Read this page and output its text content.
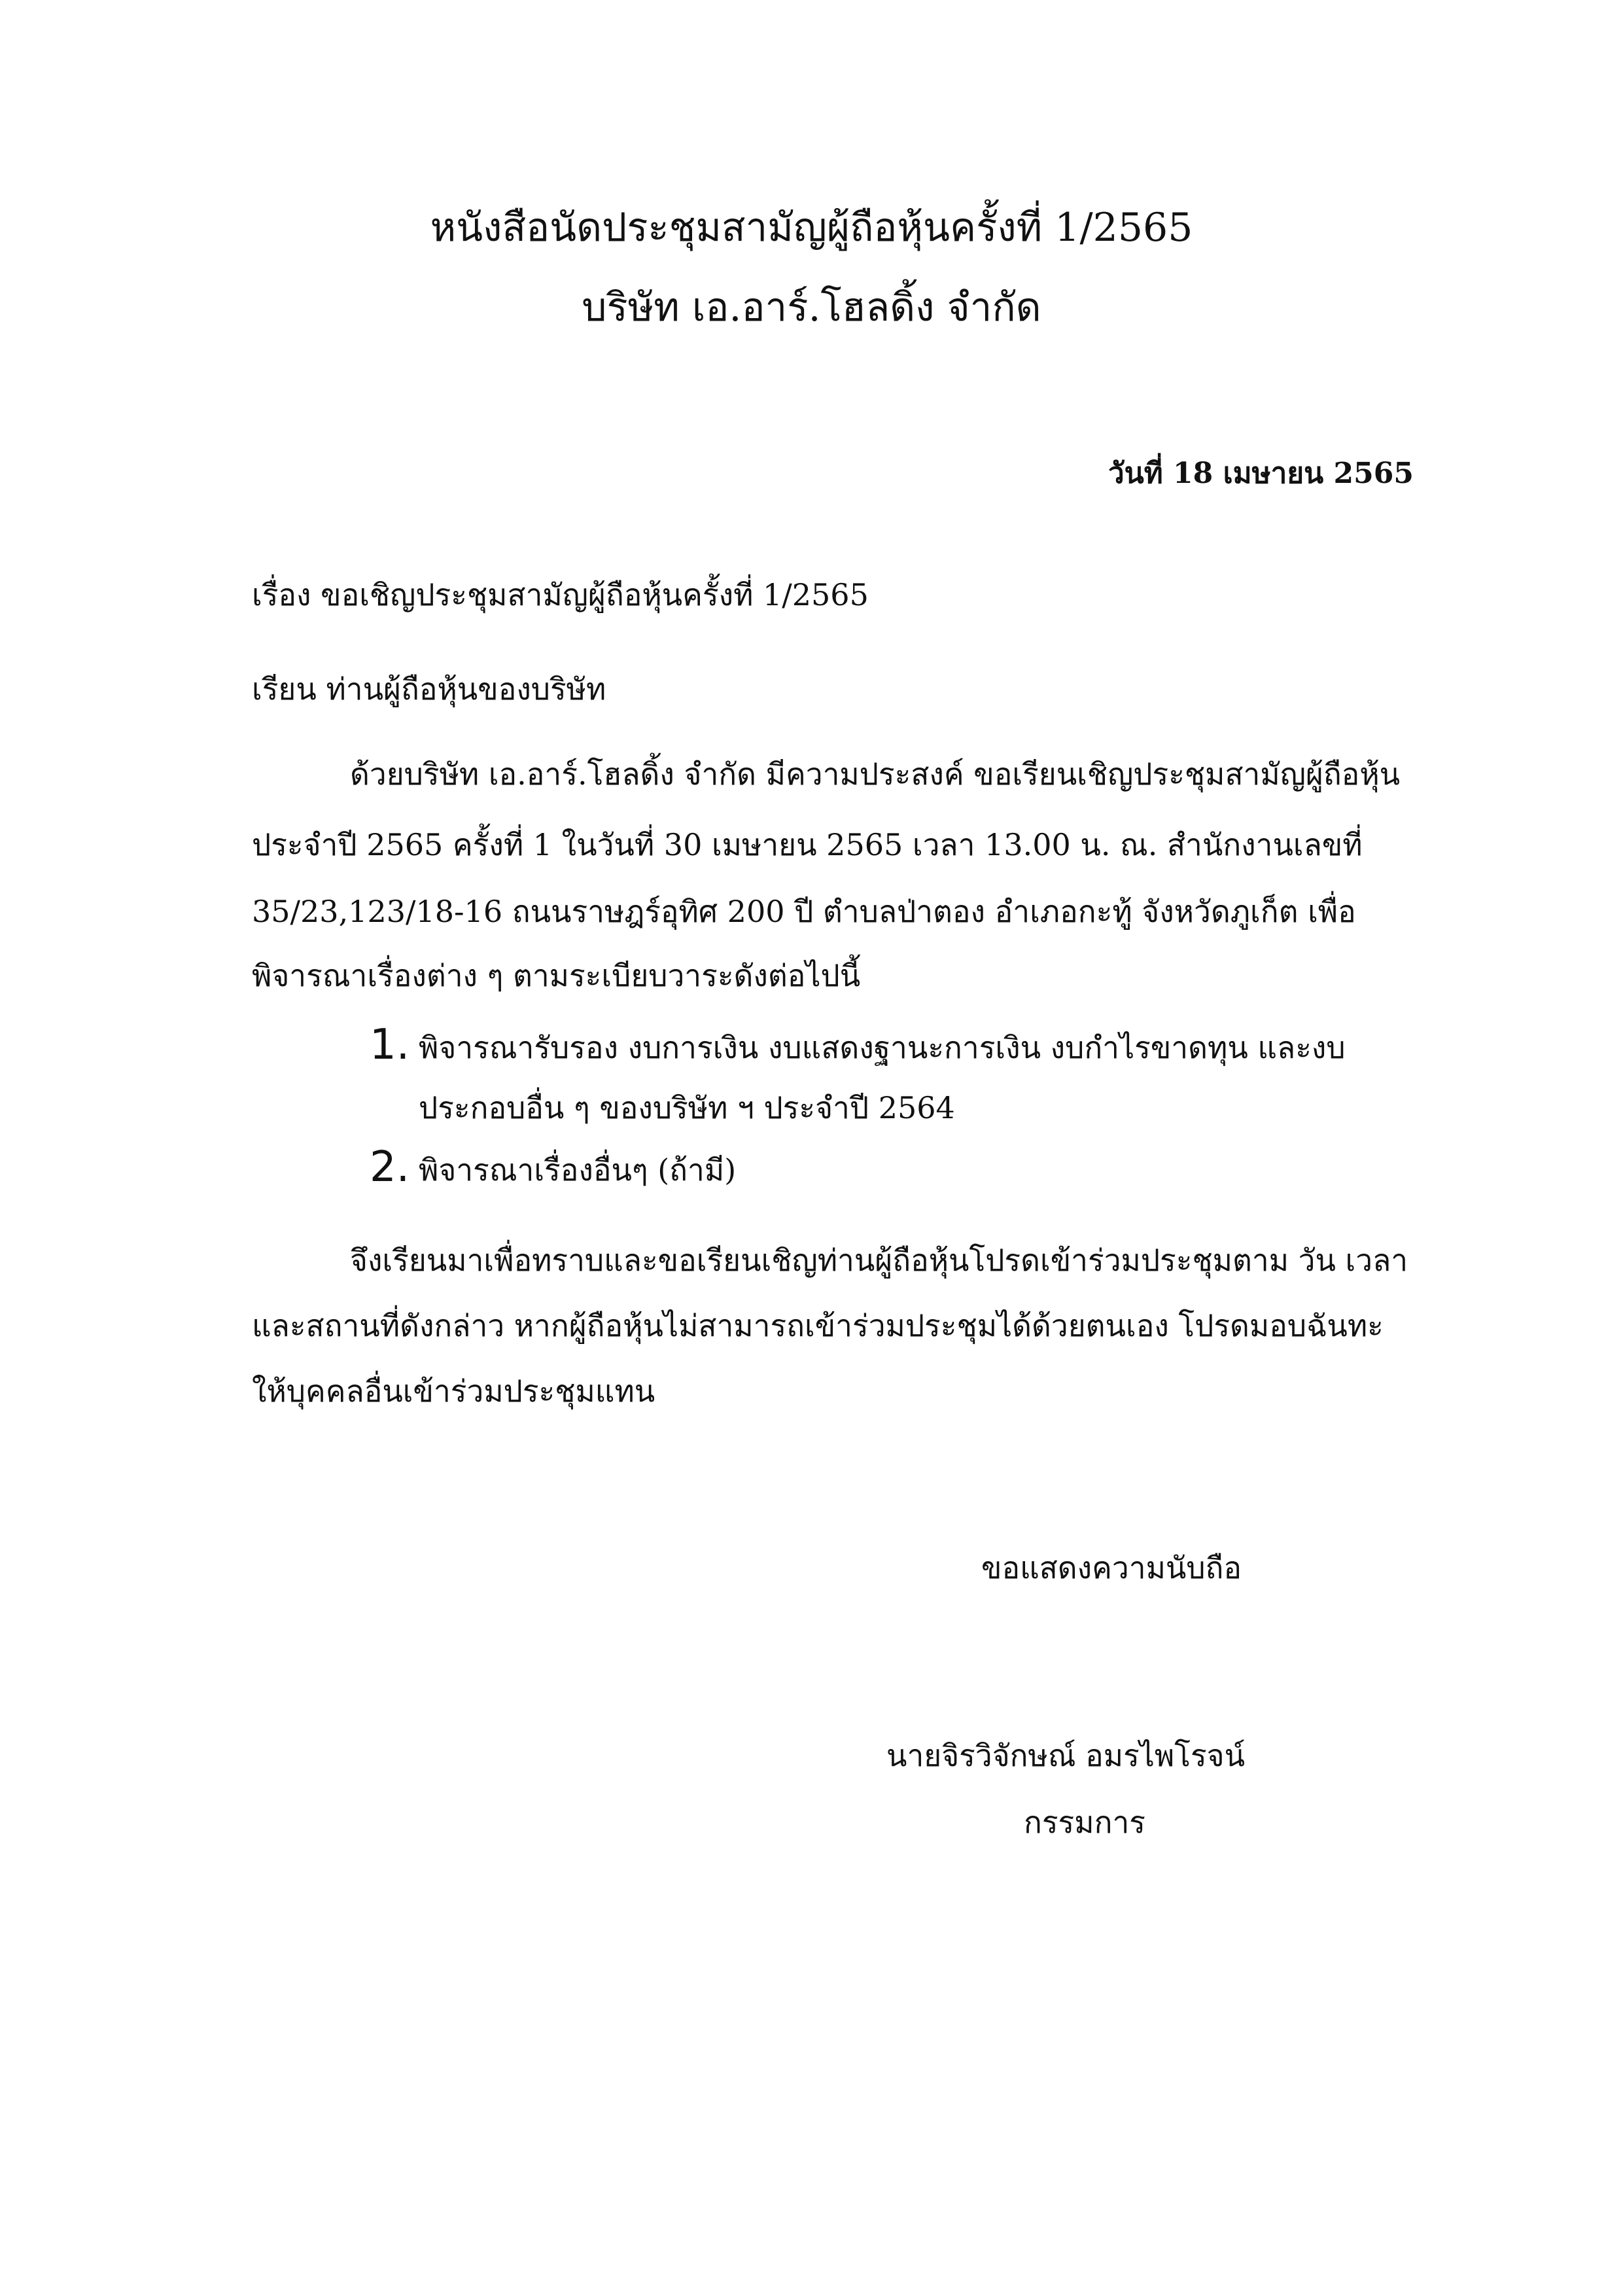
หนังสือนัดประชุมสามัญผู้ถือหุ้นครั้งที่ 1/2565
บริษัท เอ.อาร์.โฮลดิ้ง จำกัด
วันที่ 18 เมษายน 2565
เรื่อง ขอเชิญประชุมสามัญผู้ถือหุ้นครั้งที่ 1/2565
เรียน ท่านผู้ถือหุ้นของบริษัท
ด้วยบริษัท เอ.อาร์.โฮลดิ้ง จำกัด มีความประสงค์ ขอเรียนเชิญประชุมสามัญผู้ถือหุ้น
ประจำปี 2565 ครั้งที่ 1 ในวันที่ 30 เมษายน 2565 เวลา 13.00 น. ณ. สำนักงานเลขที่
35/23,123/18-16 ถนนราษฎร์อุทิศ 200 ปี ตำบลป่าตอง อำเภอกะทู้ จังหวัดภูเก็ต เพื่อ
พิจารณาเรื่องต่าง ๆ ตามระเบียบวาระดังต่อไปนี้
1. พิจารณารับรอง งบการเงิน งบแสดงฐานะการเงิน งบกำไรขาดทุน และงบ
ประกอบอื่น ๆ ของบริษัท ฯ ประจำปี 2564
2. พิจารณาเรื่องอื่นๆ (ถ้ามี)
จึงเรียนมาเพื่อทราบและขอเรียนเชิญท่านผู้ถือหุ้นโปรดเข้าร่วมประชุมตาม วัน เวลา
และสถานที่ดังกล่าว หากผู้ถือหุ้นไม่สามารถเข้าร่วมประชุมได้ด้วยตนเอง โปรดมอบฉันทะ
ให้บุคคลอื่นเข้าร่วมประชุมแทน
ขอแสดงความนับถือ
นายจิรวิจักษณ์ อมรไพโรจน์
กรรมการ
